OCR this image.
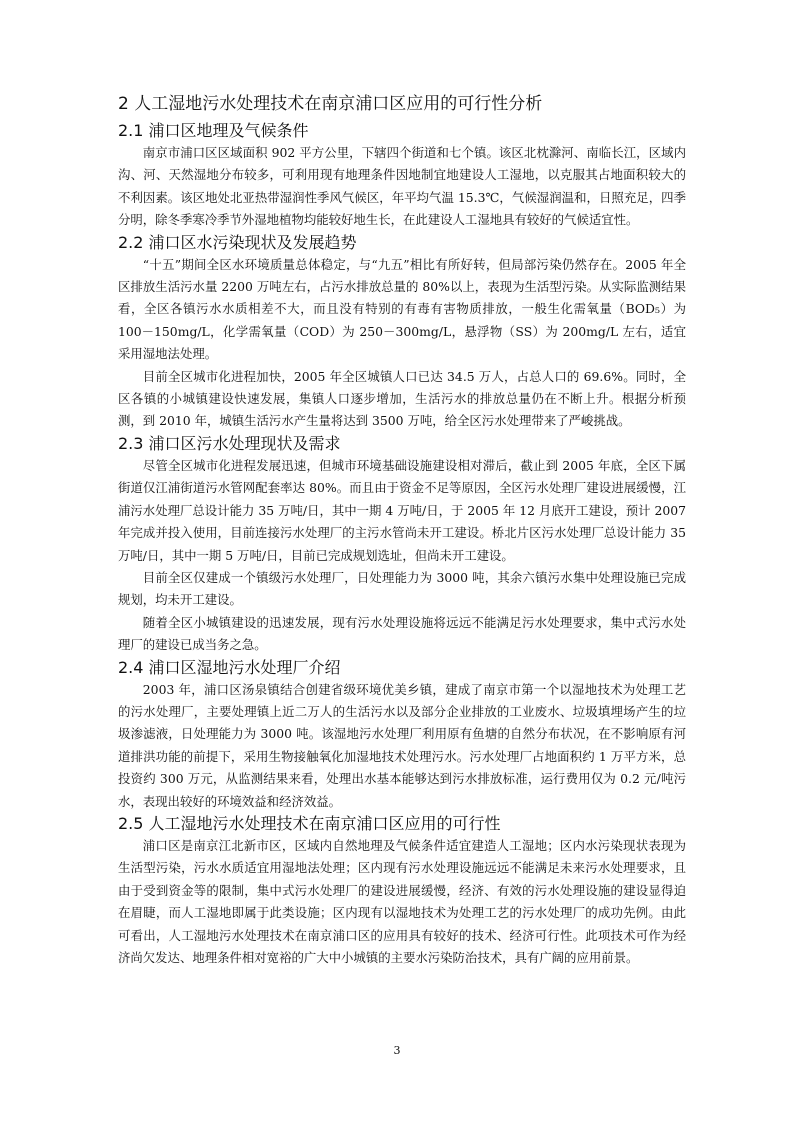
2 人工湿地污水处理技术在南京浦口区应用的可行性分析
2.1 浦口区地理及气候条件

南京市浦口区区域面积 902 平方公里，下辖四个街道和七个镇。该区北枕滁河、南临长江，区域内沟、河、天然湿地分布较多，可利用现有地理条件因地制宜地建设人工湿地，以克服其占地面积较大的不利因素。该区地处北亚热带湿润性季风气候区，年平均气温 15.3℃，气候湿润温和，日照充足，四季分明，除冬季寒冷季节外湿地植物均能较好地生长，在此建设人工湿地具有较好的气候适宜性。

2.2 浦口区水污染现状及发展趋势

“十五”期间全区水环境质量总体稳定，与“九五”相比有所好转，但局部污染仍然存在。2005 年全区排放生活污水量 2200 万吨左右，占污水排放总量的 80%以上，表现为生活型污染。从实际监测结果看，全区各镇污水水质相差不大，而且没有特别的有毒有害物质排放，一般生化需氧量（BOD₅）为 100－150mg/L，化学需氧量（COD）为 250－300mg/L，悬浮物（SS）为 200mg/L 左右，适宜采用湿地法处理。

目前全区城市化进程加快，2005 年全区城镇人口已达 34.5 万人，占总人口的 69.6%。同时，全区各镇的小城镇建设快速发展，集镇人口逐步增加，生活污水的排放总量仍在不断上升。根据分析预测，到 2010 年，城镇生活污水产生量将达到 3500 万吨，给全区污水处理带来了严峻挑战。

2.3 浦口区污水处理现状及需求

尽管全区城市化进程发展迅速，但城市环境基础设施建设相对滞后，截止到 2005 年底，全区下属街道仅江浦街道污水管网配套率达 80%。而且由于资金不足等原因，全区污水处理厂建设进展缓慢，江浦污水处理厂总设计能力 35 万吨/日，其中一期 4 万吨/日，于 2005 年 12 月底开工建设，预计 2007 年完成并投入使用，目前连接污水处理厂的主污水管尚未开工建设。桥北片区污水处理厂总设计能力 35 万吨/日，其中一期 5 万吨/日，目前已完成规划选址，但尚未开工建设。

目前全区仅建成一个镇级污水处理厂，日处理能力为 3000 吨，其余六镇污水集中处理设施已完成规划，均未开工建设。

随着全区小城镇建设的迅速发展，现有污水处理设施将远远不能满足污水处理要求，集中式污水处理厂的建设已成当务之急。

2.4 浦口区湿地污水处理厂介绍

2003 年，浦口区汤泉镇结合创建省级环境优美乡镇，建成了南京市第一个以湿地技术为处理工艺的污水处理厂，主要处理镇上近二万人的生活污水以及部分企业排放的工业废水、垃圾填埋场产生的垃圾渗滤液，日处理能力为 3000 吨。该湿地污水处理厂利用原有鱼塘的自然分布状况，在不影响原有河道排洪功能的前提下，采用生物接触氧化加湿地技术处理污水。污水处理厂占地面积约 1 万平方米，总投资约 300 万元，从监测结果来看，处理出水基本能够达到污水排放标准，运行费用仅为 0.2 元/吨污水，表现出较好的环境效益和经济效益。

2.5 人工湿地污水处理技术在南京浦口区应用的可行性

浦口区是南京江北新市区，区域内自然地理及气候条件适宜建造人工湿地；区内水污染现状表现为生活型污染，污水水质适宜用湿地法处理；区内现有污水处理设施远远不能满足未来污水处理要求，且由于受到资金等的限制，集中式污水处理厂的建设进展缓慢，经济、有效的污水处理设施的建设显得迫在眉睫，而人工湿地即属于此类设施；区内现有以湿地技术为处理工艺的污水处理厂的成功先例。由此可看出，人工湿地污水处理技术在南京浦口区的应用具有较好的技术、经济可行性。此项技术可作为经济尚欠发达、地理条件相对宽裕的广大中小城镇的主要水污染防治技术，具有广阔的应用前景。

3
